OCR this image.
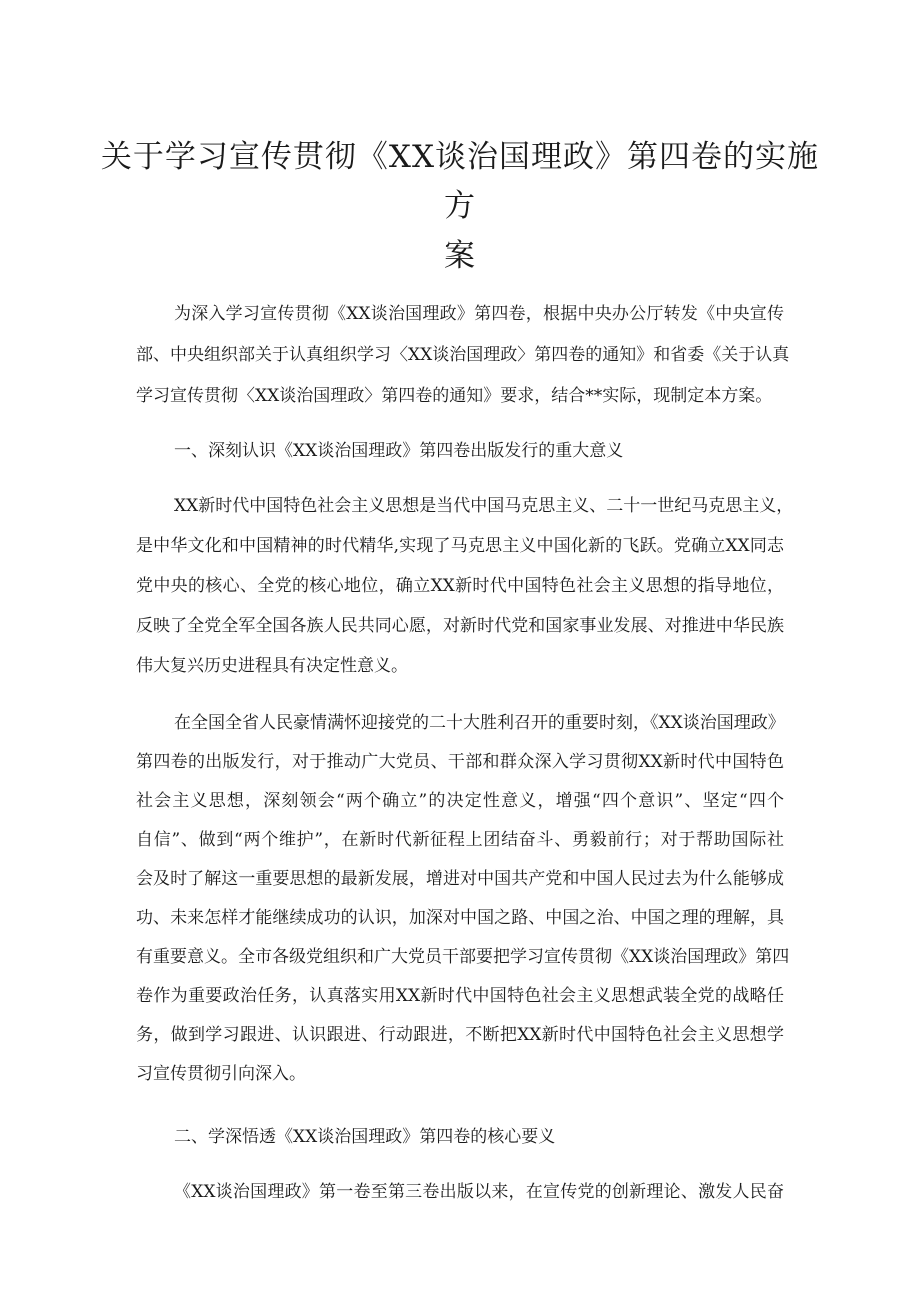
关于学习宣传贯彻《XX谈治国理政》第四卷的实施
方
案
为深入学习宣传贯彻《XX谈治国理政》第四卷，根据中央办公厅转发《中央宣传
部、中央组织部关于认真组织学习〈XX谈治国理政〉第四卷的通知》和省委《关于认真
学习宣传贯彻〈XX谈治国理政〉第四卷的通知》要求，结合**实际，现制定本方案。
一、深刻认识《XX谈治国理政》第四卷出版发行的重大意义
XX新时代中国特色社会主义思想是当代中国马克思主义、二十一世纪马克思主义，
是中华文化和中国精神的时代精华,实现了马克思主义中国化新的飞跃。党确立XX同志
党中央的核心、全党的核心地位，确立XX新时代中国特色社会主义思想的指导地位，
反映了全党全军全国各族人民共同心愿，对新时代党和国家事业发展、对推进中华民族
伟大复兴历史进程具有决定性意义。
在全国全省人民豪情满怀迎接党的二十大胜利召开的重要时刻，《XX谈治国理政》
第四卷的出版发行，对于推动广大党员、干部和群众深入学习贯彻XX新时代中国特色
社会主义思想，深刻领会“两个确立”的决定性意义，增强“四个意识”、坚定“四个
自信”、做到“两个维护”，在新时代新征程上团结奋斗、勇毅前行；对于帮助国际社
会及时了解这一重要思想的最新发展，增进对中国共产党和中国人民过去为什么能够成
功、未来怎样才能继续成功的认识，加深对中国之路、中国之治、中国之理的理解，具
有重要意义。全市各级党组织和广大党员干部要把学习宣传贯彻《XX谈治国理政》第四
卷作为重要政治任务，认真落实用XX新时代中国特色社会主义思想武装全党的战略任
务，做到学习跟进、认识跟进、行动跟进，不断把XX新时代中国特色社会主义思想学
习宣传贯彻引向深入。
二、学深悟透《XX谈治国理政》第四卷的核心要义
《XX谈治国理政》第一卷至第三卷出版以来，在宣传党的创新理论、激发人民奋
